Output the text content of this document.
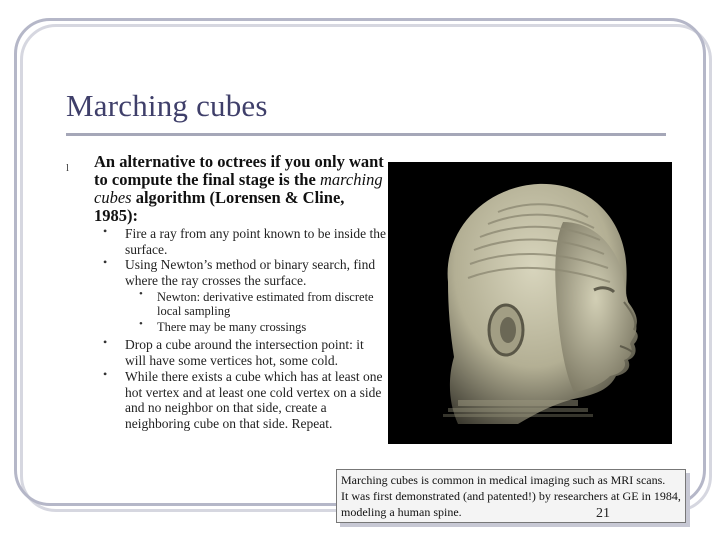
Marching cubes
l An alternative to octrees if you only want to compute the final stage is the marching cubes algorithm (Lorensen & Cline, 1985):
• Fire a ray from any point known to be inside the surface.
• Using Newton’s method or binary search, find where the ray crosses the surface.
• Newton: derivative estimated from discrete local sampling
• There may be many crossings
• Drop a cube around the intersection point: it will have some vertices hot, some cold.
• While there exists a cube which has at least one hot vertex and at least one cold vertex on a side and no neighbor on that side, create a neighboring cube on that side. Repeat.
Marching cubes is common in medical imaging such as MRI scans.
It was first demonstrated (and patented!) by researchers at GE in 1984,
modeling a human spine.	21
